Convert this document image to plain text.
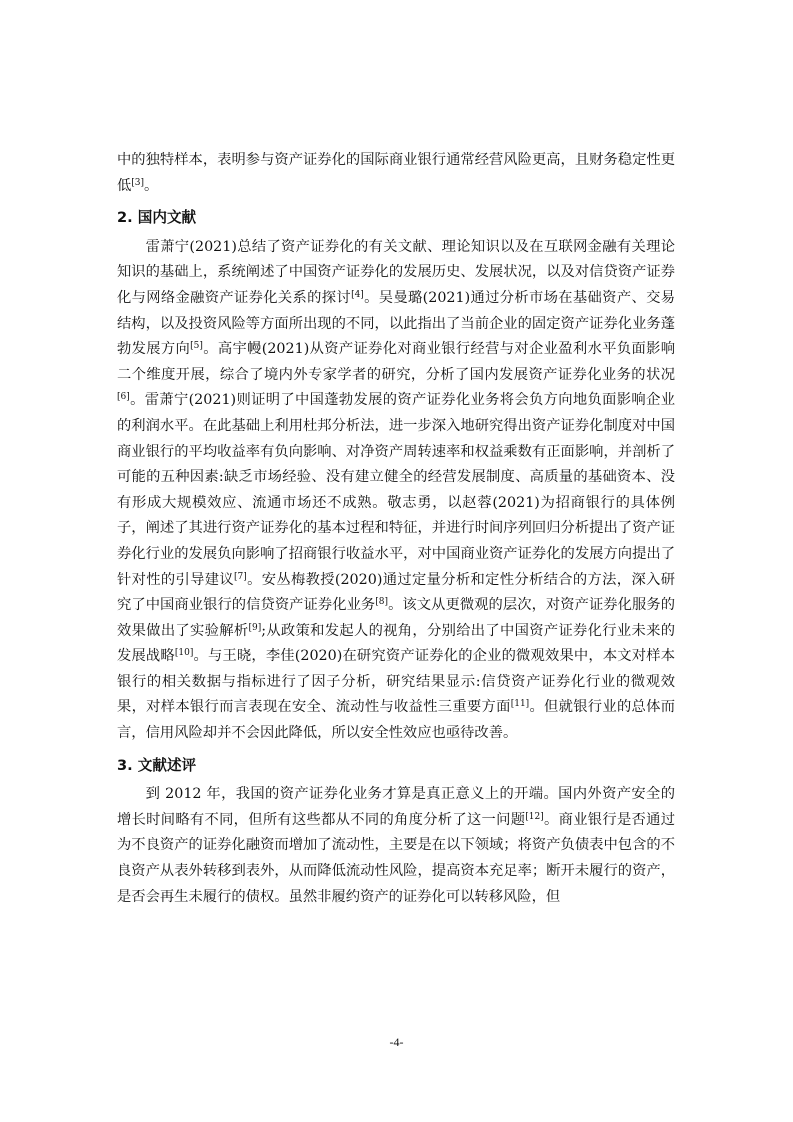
中的独特样本，表明参与资产证券化的国际商业银行通常经营风险更高，且财务稳定性更低[3]。

2. 国内文献

雷萧宁(2021)总结了资产证券化的有关文献、理论知识以及在互联网金融有关理论知识的基础上，系统阐述了中国资产证券化的发展历史、发展状况，以及对信贷资产证券化与网络金融资产证券化关系的探讨[4]。吴曼璐(2021)通过分析市场在基础资产、交易结构，以及投资风险等方面所出现的不同，以此指出了当前企业的固定资产证券化业务蓬勃发展方向[5]。高宇幔(2021)从资产证券化对商业银行经营与对企业盈利水平负面影响二个维度开展，综合了境内外专家学者的研究，分析了国内发展资产证券化业务的状况[6]。雷萧宁(2021)则证明了中国蓬勃发展的资产证券化业务将会负方向地负面影响企业的利润水平。在此基础上利用杜邦分析法，进一步深入地研究得出资产证券化制度对中国商业银行的平均收益率有负向影响、对净资产周转速率和权益乘数有正面影响，并剖析了可能的五种因素:缺乏市场经验、没有建立健全的经营发展制度、高质量的基础资本、没有形成大规模效应、流通市场还不成熟。敬志勇，以赵蓉(2021)为招商银行的具体例子，阐述了其进行资产证券化的基本过程和特征，并进行时间序列回归分析提出了资产证券化行业的发展负向影响了招商银行收益水平，对中国商业资产证券化的发展方向提出了针对性的引导建议[7]。安丛梅教授(2020)通过定量分析和定性分析结合的方法，深入研究了中国商业银行的信贷资产证券化业务[8]。该文从更微观的层次，对资产证券化服务的效果做出了实验解析[9];从政策和发起人的视角，分别给出了中国资产证券化行业未来的发展战略[10]。与王晓，李佳(2020)在研究资产证券化的企业的微观效果中，本文对样本银行的相关数据与指标进行了因子分析，研究结果显示:信贷资产证券化行业的微观效果，对样本银行而言表现在安全、流动性与收益性三重要方面[11]。但就银行业的总体而言，信用风险却并不会因此降低，所以安全性效应也亟待改善。

3. 文献述评

到 2012 年，我国的资产证券化业务才算是真正意义上的开端。国内外资产安全的增长时间略有不同，但所有这些都从不同的角度分析了这一问题[12]。商业银行是否通过为不良资产的证券化融资而增加了流动性，主要是在以下领域；将资产负债表中包含的不良资产从表外转移到表外，从而降低流动性风险，提高资本充足率；断开未履行的资产，是否会再生未履行的债权。虽然非履约资产的证券化可以转移风险，但

-4-
